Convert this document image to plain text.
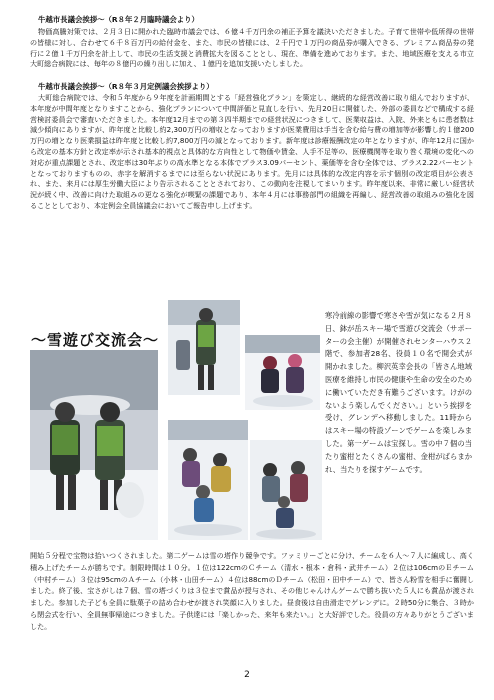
牛越市長議会挨拶～（R８年２月臨時議会より）
物価高騰対策では、２月３日に開かれた臨時市議会では、６億４千万円余の補正予算を議決いただきました。子育て世帯や低所得の世帯の皆様に対し、合わせて６千８百万円の給付金を、また、市民の皆様には、２千円で１万円の商品券が購入できる、プレミアム商品券の発行に２億１千万円余を計上して、市民の生活支援と消費拡大を図ることとし、現在、準備を進めております。また、地域医療を支える市立大町総合病院には、毎年の８億円の繰り出しに加え、１億円を追加支援いたしました。
牛越市長議会挨拶～（R８年３月定例議会挨拶より）
大町総合病院では、令和５年度から９年度を計画期間とする「経営強化プラン」を策定し、継続的な経営改善に取り組んでおりますが、本年度が中間年度となりますことから、強化プランについて中間評価と見直しを行い、先月20日に開催した、外部の委員などで構成する経営検討委員会で審査いただきました。本年度12月までの第３四半期までの経営状況につきまして、医業収益は、入院、外来ともに患者数は減少傾向にありますが、昨年度と比較し約2,300万円の増収となっておりますが医業費用は手当を含む給与費の増加等が影響し約１億200万円の増となり医業損益は昨年度と比較し約7,800万円の減となっております。新年度は診療報酬改定の年となりますが、昨年12月に国から改定の基本方針と改定率が示され基本的視点と具体的な方向性として物価や賃金、人手不足等の、医療機関等を取り巻く環境の変化への対応が重点課題とされ、改定率は30年ぶりの高水準となる本体でプラス3.09パーセント、薬価等を含む全体では、プラス2.22パーセントとなっておりますものの、赤字を解消するまでには至らない状況にあります。先月には具体的な改定内容を示す個別の改定項目が公表され、また、来月には厚生労働大臣により告示されることとされており、この動向を注視してまいります。昨年度以来、非常に厳しい経営状況が続く中、改善に向けた取組みの更なる強化が喫緊の課題であり、本年４月には事務部門の組織を再編し、経営改善の取組みの強化を図ることとしており、本定例会全員協議会においてご報告申し上げます。
～雪遊び交流会～
寒冷前線の影響で寒さや雪が気になる２月８日、鉢が岳スキー場で雪遊び交流会（サポーターの会主催）が開催されセンターハウス２階で、参加者28名、役員１０名で開会式が開かれました。柳沢英幸会長の「皆さん地域医療を維持し市民の健康や生命の安全のために働いていただき有難うございます。けがのないよう楽しんでください。」という挨拶を受け、グレンデへ移動しました。11時からはスキー場の特設ゾーンでゲームを楽しみました。第一ゲームは宝探し。雪の中７個の当たり蜜柑とたくさんの蜜柑、金柑がばらまかれ、当たりを探すゲームです。
開始５分程で宝物は拾いつくされました。第二ゲームは雪の塔作り競争です。ファミリーごとに分け、チームを６人～７人に編成し、高く積み上げたチームが勝ちです。制限時間は１０分。１位は122cmのＣチーム（清水・根本・倉科・武井チーム）２位は106cmのＥチーム（中村チーム）３位は95cmのＡチーム（小林・山田チーム）４位は88cmのＤチーム（松田・田中チーム）で、皆さん粉雪を相手に奮闘しました。終了後、宝さがしは７個、雪の塔づくりは３位まで賞品が授与され、その他じゃんけんゲームで勝ち抜いた５人にも賞品が渡されました。参加した子ども全員に駄菓子の詰め合わせが渡され笑顔に入りました。昼食後は自由滑走でゲレンデに。２時50分に集合、３時から閉会式を行い、全員無事帰途につきました。子供達には「楽しかった、来年も来たい。」と大好評でした。役員の方々ありがとうございました。
2
